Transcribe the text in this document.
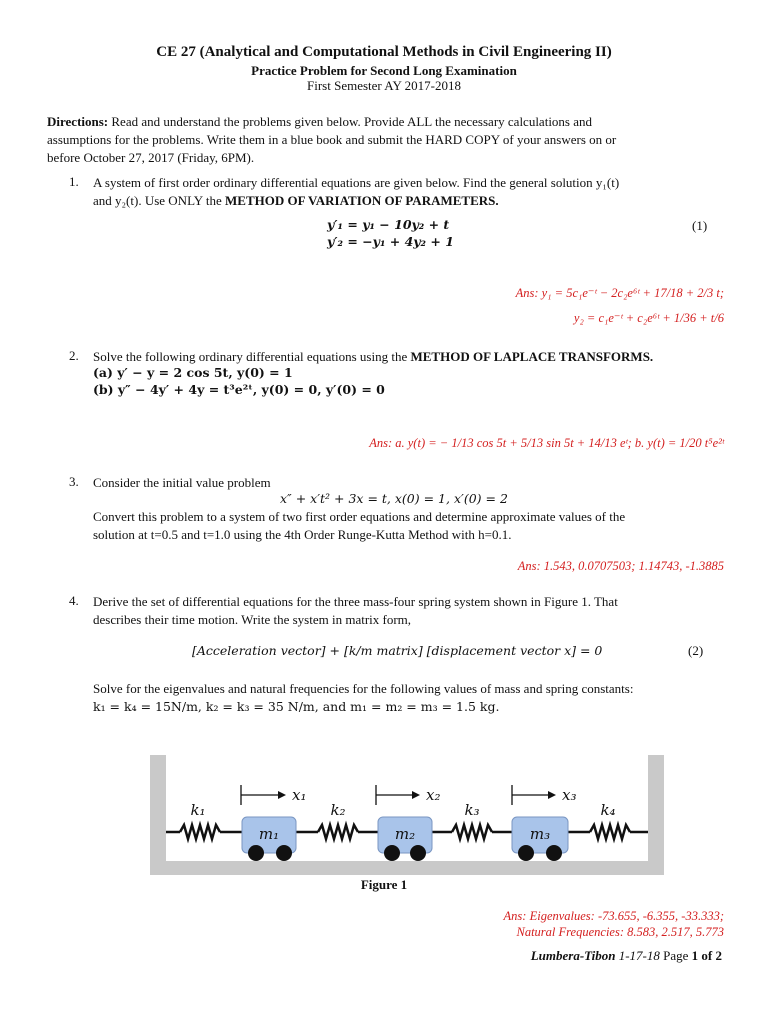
CE 27 (Analytical and Computational Methods in Civil Engineering II)
Practice Problem for Second Long Examination
First Semester AY 2017-2018
Directions: Read and understand the problems given below. Provide ALL the necessary calculations and
assumptions for the problems. Write them in a blue book and submit the HARD COPY of your answers on or
before October 27, 2017 (Friday, 6PM).
1. A system of first order ordinary differential equations are given below. Find the general solution y₁(t)
and y₂(t). Use ONLY the METHOD OF VARIATION OF PARAMETERS.
y′₁ = y₁ − 10y₂ + t
y′₂ = −y₁ + 4y₂ + 1
(1)
Ans: y₁ = 5c₁e⁻ᵗ − 2c₂e⁶ᵗ + 17/18 + 2/3 t;
y₂ = c₁e⁻ᵗ + c₂e⁶ᵗ + 1/36 + t/6
2. Solve the following ordinary differential equations using the METHOD OF LAPLACE TRANSFORMS.
(a) y′ − y = 2 cos 5t, y(0) = 1
(b) y″ − 4y′ + 4y = t³e²ᵗ, y(0) = 0, y′(0) = 0
Ans: a. y(t) = − 1/13 cos 5t + 5/13 sin 5t + 14/13 eᵗ; b. y(t) = 1/20 t⁵e²ᵗ
3. Consider the initial value problem
x″ + x′t² + 3x = t, x(0) = 1, x′(0) = 2
Convert this problem to a system of two first order equations and determine approximate values of the
solution at t=0.5 and t=1.0 using the 4th Order Runge-Kutta Method with h=0.1.
Ans: 1.543, 0.0707503; 1.14743, -1.3885
4. Derive the set of differential equations for the three mass-four spring system shown in Figure 1. That
describes their time motion. Write the system in matrix form,
[Acceleration vector] + [k/m matrix] [displacement vector x] = 0	(2)
Solve for the eigenvalues and natural frequencies for the following values of mass and spring constants:
k₁ = k₄ = 15N/m, k₂ = k₃ = 35 N/m, and m₁ = m₂ = m₃ = 1.5 kg.
k₁	k₂	k₃	k₄
m₁	m₂	m₃
x₁	x₂	x₃
Figure 1
Ans: Eigenvalues: -73.655, -6.355, -33.333;
Natural Frequencies: 8.583, 2.517, 5.773
Lumbera-Tibon 1-17-18 Page 1 of 2
